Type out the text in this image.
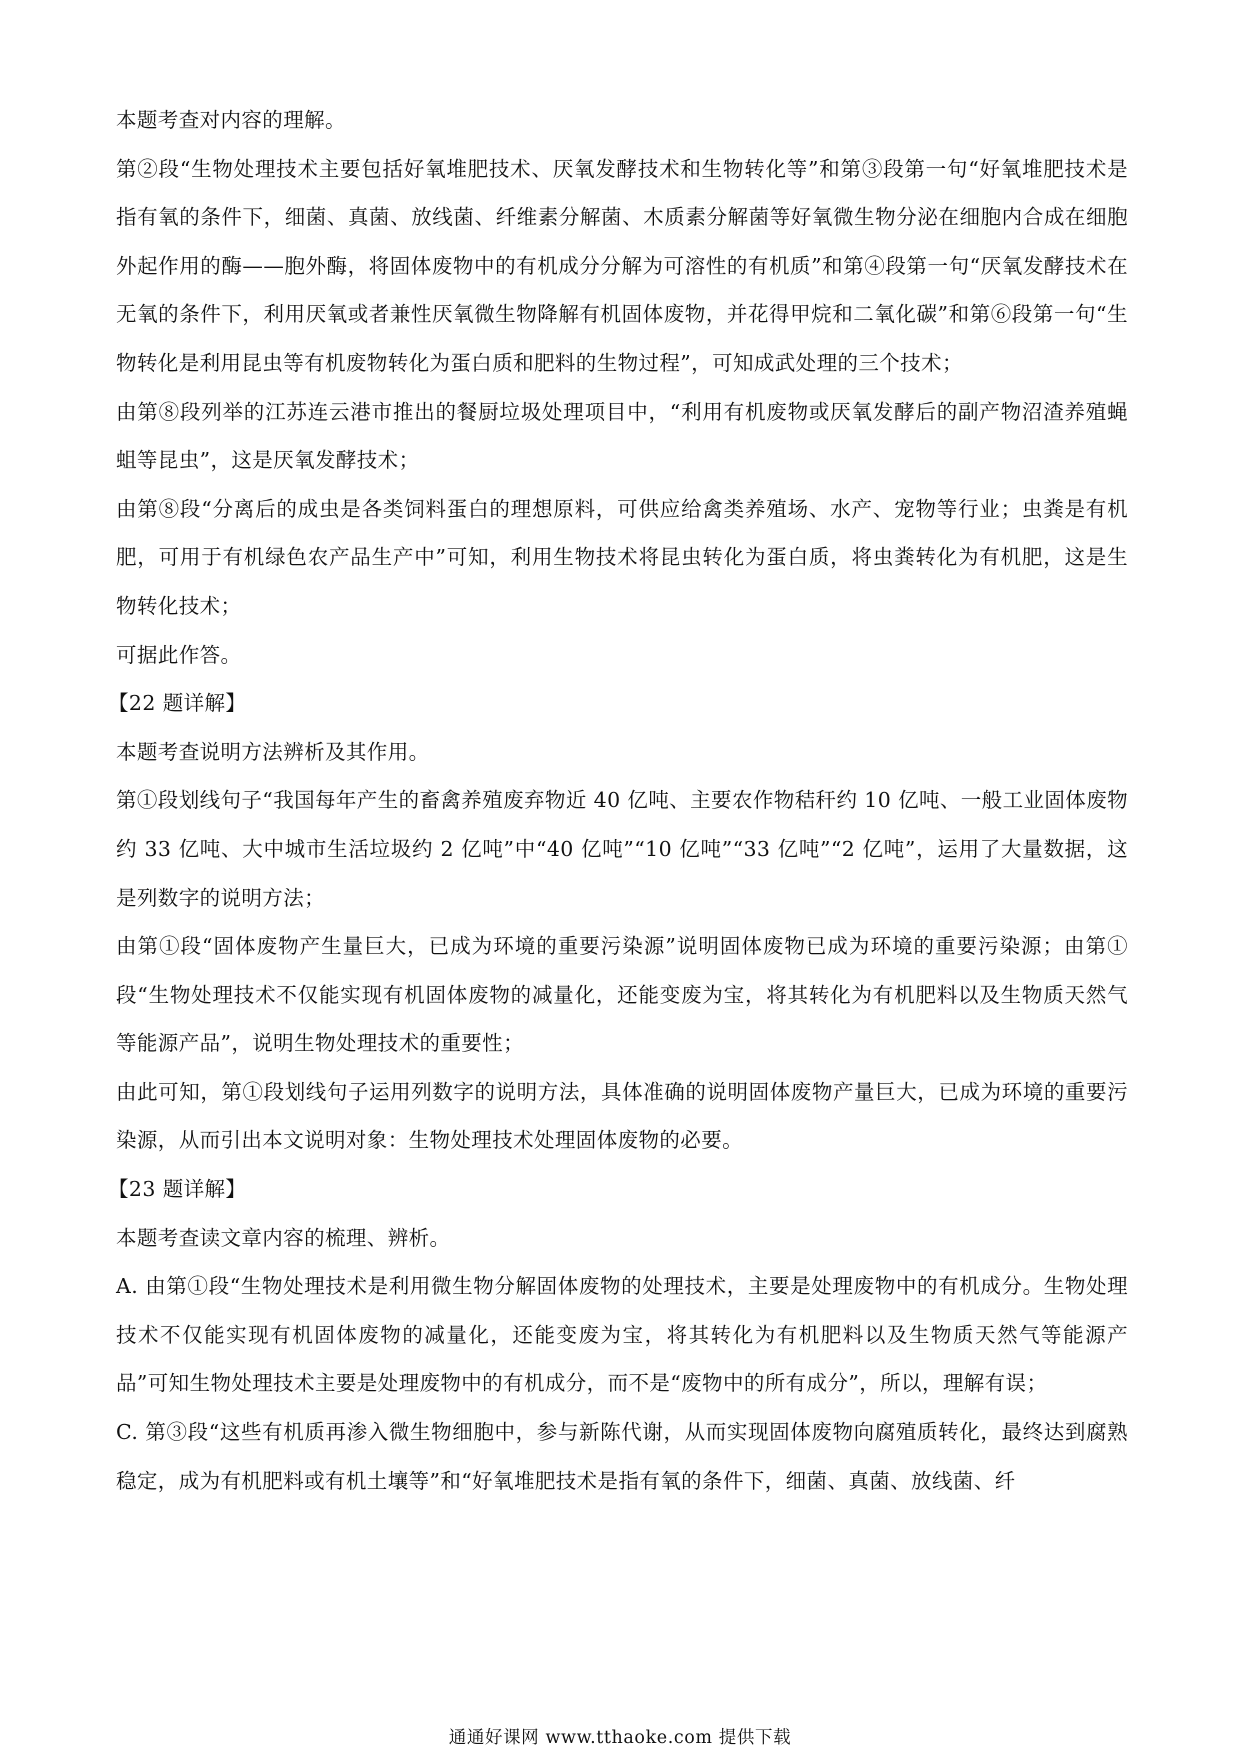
本题考查对内容的理解。

第②段“生物处理技术主要包括好氧堆肥技术、厌氧发酵技术和生物转化等”和第③段第一句“好氧堆肥技术是指有氧的条件下，细菌、真菌、放线菌、纤维素分解菌、木质素分解菌等好氧微生物分泌在细胞内合成在细胞外起作用的酶——胞外酶，将固体废物中的有机成分分解为可溶性的有机质”和第④段第一句“厌氧发酵技术在无氧的条件下，利用厌氧或者兼性厌氧微生物降解有机固体废物，并花得甲烷和二氧化碳”和第⑥段第一句“生物转化是利用昆虫等有机废物转化为蛋白质和肥料的生物过程”，可知成武处理的三个技术；

由第⑧段列举的江苏连云港市推出的餐厨垃圾处理项目中，“利用有机废物或厌氧发酵后的副产物沼渣养殖蝇蛆等昆虫”，这是厌氧发酵技术；

由第⑧段“分离后的成虫是各类饲料蛋白的理想原料，可供应给禽类养殖场、水产、宠物等行业；虫粪是有机肥，可用于有机绿色农产品生产中”可知，利用生物技术将昆虫转化为蛋白质，将虫粪转化为有机肥，这是生物转化技术；

可据此作答。

【22 题详解】

本题考查说明方法辨析及其作用。

第①段划线句子“我国每年产生的畜禽养殖废弃物近 40 亿吨、主要农作物秸秆约 10 亿吨、一般工业固体废物约 33 亿吨、大中城市生活垃圾约 2 亿吨”中“40 亿吨”“10 亿吨”“33 亿吨”“2 亿吨”，运用了大量数据，这是列数字的说明方法；

由第①段“固体废物产生量巨大，已成为环境的重要污染源”说明固体废物已成为环境的重要污染源；由第①段“生物处理技术不仅能实现有机固体废物的减量化，还能变废为宝，将其转化为有机肥料以及生物质天然气等能源产品”，说明生物处理技术的重要性；

由此可知，第①段划线句子运用列数字的说明方法，具体准确的说明固体废物产量巨大，已成为环境的重要污染源，从而引出本文说明对象：生物处理技术处理固体废物的必要。

【23 题详解】

本题考查读文章内容的梳理、辨析。

A. 由第①段“生物处理技术是利用微生物分解固体废物的处理技术，主要是处理废物中的有机成分。生物处理技术不仅能实现有机固体废物的减量化，还能变废为宝，将其转化为有机肥料以及生物质天然气等能源产品”可知生物处理技术主要是处理废物中的有机成分，而不是“废物中的所有成分”，所以，理解有误；

C. 第③段“这些有机质再渗入微生物细胞中，参与新陈代谢，从而实现固体废物向腐殖质转化，最终达到腐熟稳定，成为有机肥料或有机土壤等”和“好氧堆肥技术是指有氧的条件下，细菌、真菌、放线菌、纤

通通好课网 www.tthaoke.com 提供下载
